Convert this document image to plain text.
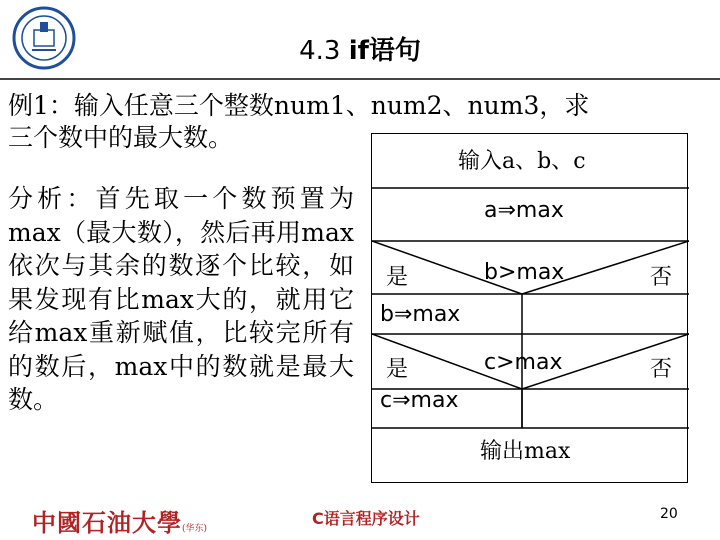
4.3 if语句
例1：输入任意三个整数num1、num2、num3，求
三个数中的最大数。
分析：首先取一个数预置为max（最大数），然后再用max依次与其余的数逐个比较，如果发现有比max大的，就用它给max重新赋值，比较完所有的数后，max中的数就是最大数。
输入a、b、c
a⇒max
是	b>max	否
b⇒max
是	c>max	否
c⇒max
输出max
中國石油大學(华东)
C语言程序设计	20
